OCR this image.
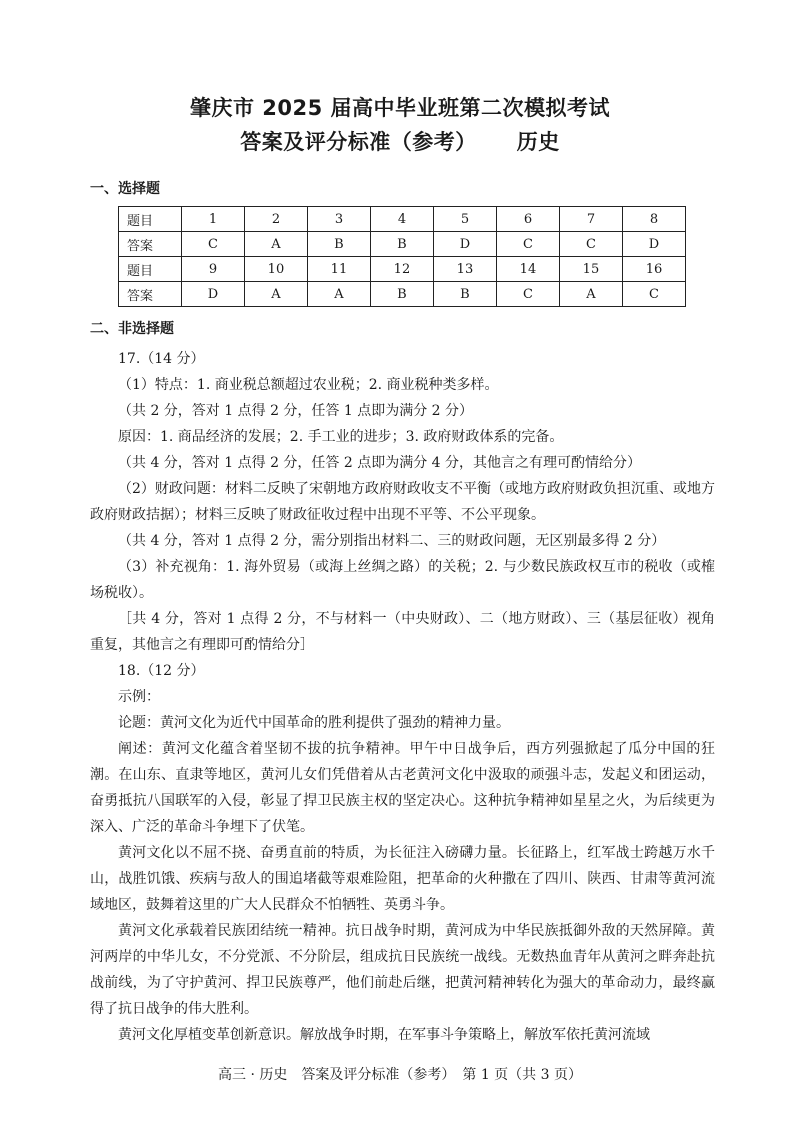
肇庆市 2025 届高中毕业班第二次模拟考试
答案及评分标准（参考） 历史
一、选择题
题目	1	2	3	4	5	6	7	8
答案	C	A	B	B	D	C	C	D
题目	9	10	11	12	13	14	15	16
答案	D	A	A	B	B	C	A	C
二、非选择题

17.（14 分）

（1）特点：1. 商业税总额超过农业税；2. 商业税种类多样。

（共 2 分，答对 1 点得 2 分，任答 1 点即为满分 2 分）

原因：1. 商品经济的发展；2. 手工业的进步；3. 政府财政体系的完备。

（共 4 分，答对 1 点得 2 分，任答 2 点即为满分 4 分，其他言之有理可酌情给分）

（2）财政问题：材料二反映了宋朝地方政府财政收支不平衡（或地方政府财政负担沉重、或地方政府财政拮据）；材料三反映了财政征收过程中出现不平等、不公平现象。

（共 4 分，答对 1 点得 2 分，需分别指出材料二、三的财政问题，无区别最多得 2 分）

（3）补充视角：1. 海外贸易（或海上丝绸之路）的关税；2. 与少数民族政权互市的税收（或榷场税收）。

［共 4 分，答对 1 点得 2 分，不与材料一（中央财政）、二（地方财政）、三（基层征收）视角重复，其他言之有理即可酌情给分］

18.（12 分）

示例：

论题：黄河文化为近代中国革命的胜利提供了强劲的精神力量。

阐述：黄河文化蕴含着坚韧不拔的抗争精神。甲午中日战争后，西方列强掀起了瓜分中国的狂潮。在山东、直隶等地区，黄河儿女们凭借着从古老黄河文化中汲取的顽强斗志，发起义和团运动，奋勇抵抗八国联军的入侵，彰显了捍卫民族主权的坚定决心。这种抗争精神如星星之火，为后续更为深入、广泛的革命斗争埋下了伏笔。

黄河文化以不屈不挠、奋勇直前的特质，为长征注入磅礴力量。长征路上，红军战士跨越万水千山，战胜饥饿、疾病与敌人的围追堵截等艰难险阻，把革命的火种撒在了四川、陕西、甘肃等黄河流域地区，鼓舞着这里的广大人民群众不怕牺牲、英勇斗争。

黄河文化承载着民族团结统一精神。抗日战争时期，黄河成为中华民族抵御外敌的天然屏障。黄河两岸的中华儿女，不分党派、不分阶层，组成抗日民族统一战线。无数热血青年从黄河之畔奔赴抗战前线，为了守护黄河、捍卫民族尊严，他们前赴后继，把黄河精神转化为强大的革命动力，最终赢得了抗日战争的伟大胜利。

黄河文化厚植变革创新意识。解放战争时期，在军事斗争策略上，解放军依托黄河流域

高三 · 历史　答案及评分标准（参考）　第 1 页（共 3 页）
